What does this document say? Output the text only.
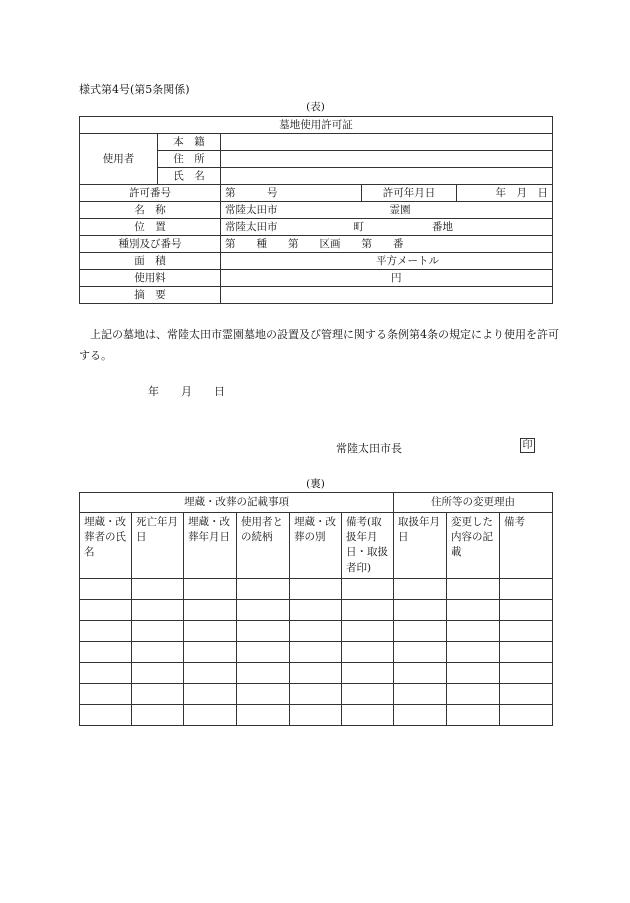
様式第4号(第5条関係)
(表)
墓地使用許可証				
使用者	本　籍			
	住　所			
	氏　名			
許可番号		第　　　号	許可年月日	年　月　日
名　称		常陸太田市 霊園		
位　置		常陸太田市 町 番地		
種別及び番号		第　　種　　第　　区画　　第　　番		
面　積		平方メートル		
使用料		円		
摘　要				
上記の墓地は、常陸太田市霊園墓地の設置及び管理に関する条例第4条の規定により使用を許可する。
年　　月　　日
常陸太田市長	印
(裏)
埋蔵・改葬の記載事項						住所等の変更理由		
埋蔵・改葬者の氏　名	死亡年月日	埋蔵・改葬年月日	使用者との続柄	埋蔵・改葬の別	備考(取扱年月日・取扱者印)	取扱年月日	変更した内容の記載	備考
